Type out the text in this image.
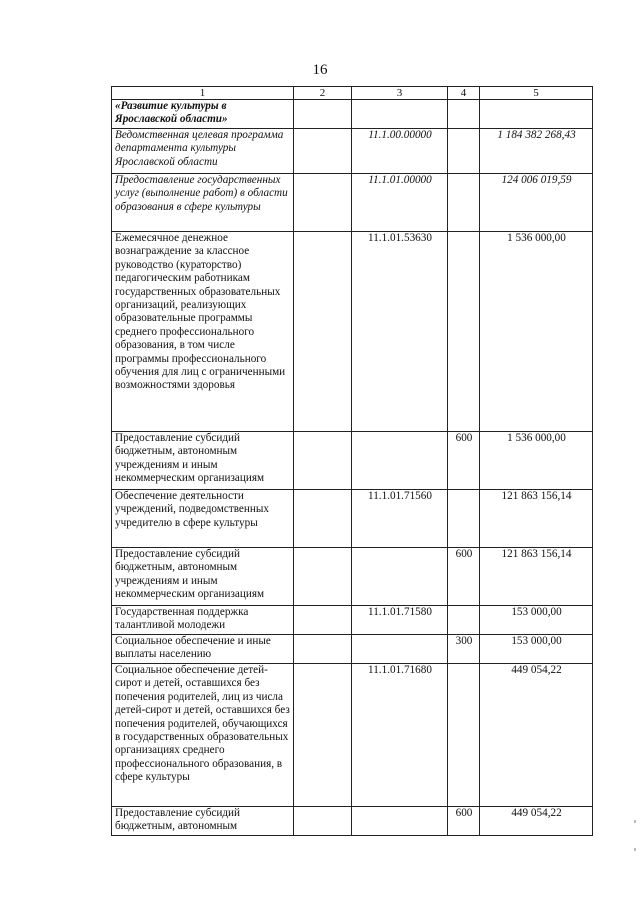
16
1	2	3	4	5
«Развитие культуры в Ярославской области»				
Ведомственная целевая программа департамента культуры Ярославской области		11.1.00.00000		1 184 382 268,43
Предоставление государственных услуг (выполнение работ) в области образования в сфере культуры		11.1.01.00000		124 006 019,59
Ежемесячное денежное вознаграждение за классное руководство (кураторство) педагогическим работникам государственных образовательных организаций, реализующих образовательные программы среднего профессионального образования, в том числе программы профессионального обучения для лиц с ограниченными возможностями здоровья		11.1.01.53630		1 536 000,00
Предоставление субсидий бюджетным, автономным учреждениям и иным некоммерческим организациям			600	1 536 000,00
Обеспечение деятельности учреждений, подведомственных учредителю в сфере культуры		11.1.01.71560		121 863 156,14
Предоставление субсидий бюджетным, автономным учреждениям и иным некоммерческим организациям			600	121 863 156,14
Государственная поддержка талантливой молодежи		11.1.01.71580		153 000,00
Социальное обеспечение и иные выплаты населению			300	153 000,00
Социальное обеспечение детей-сирот и детей, оставшихся без попечения родителей, лиц из числа детей-сирот и детей, оставшихся без попечения родителей, обучающихся в государственных образовательных организациях среднего профессионального образования, в сфере культуры		11.1.01.71680		449 054,22
Предоставление субсидий бюджетным, автономным			600	449 054,22
